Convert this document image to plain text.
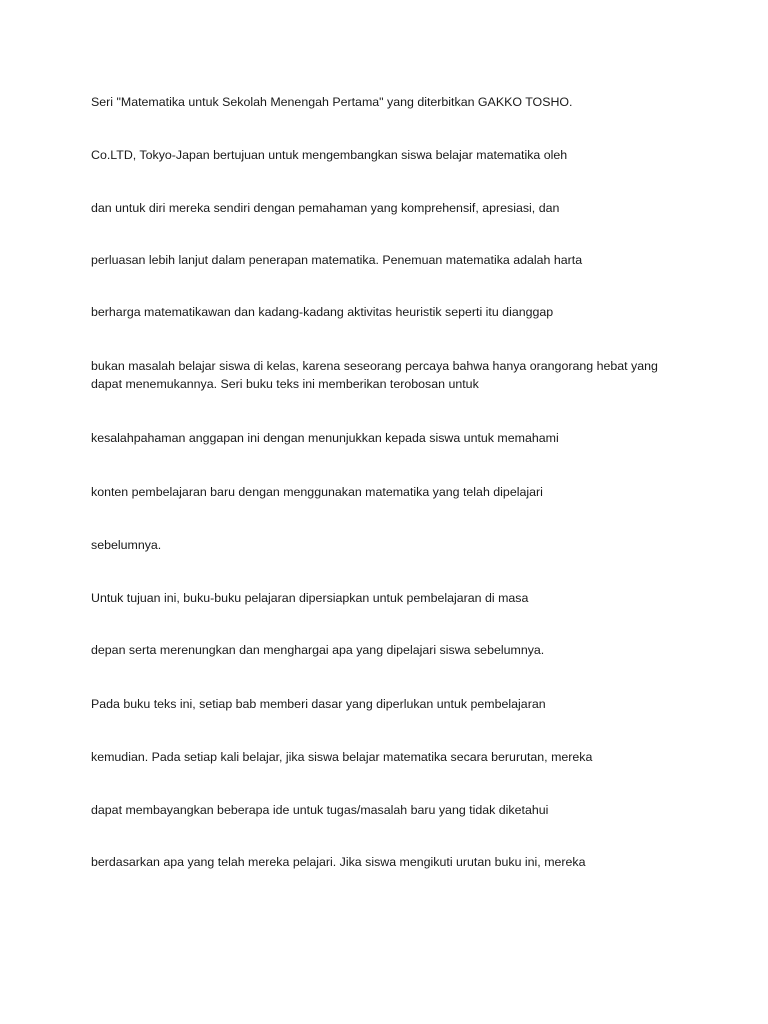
Seri "Matematika untuk Sekolah Menengah Pertama" yang diterbitkan GAKKO TOSHO.

Co.LTD, Tokyo-Japan bertujuan untuk mengembangkan siswa belajar matematika oleh

dan untuk diri mereka sendiri dengan pemahaman yang komprehensif, apresiasi, dan

perluasan lebih lanjut dalam penerapan matematika. Penemuan matematika adalah harta

berharga matematikawan dan kadang-kadang aktivitas heuristik seperti itu dianggap

bukan masalah belajar siswa di kelas, karena seseorang percaya bahwa hanya orangorang hebat yang dapat menemukannya. Seri buku teks ini memberikan terobosan untuk

kesalahpahaman anggapan ini dengan menunjukkan kepada siswa untuk memahami

konten pembelajaran baru dengan menggunakan matematika yang telah dipelajari

sebelumnya.

Untuk tujuan ini, buku-buku pelajaran dipersiapkan untuk pembelajaran di masa

depan serta merenungkan dan menghargai apa yang dipelajari siswa sebelumnya.

Pada buku teks ini, setiap bab memberi dasar yang diperlukan untuk pembelajaran

kemudian. Pada setiap kali belajar, jika siswa belajar matematika secara berurutan, mereka

dapat membayangkan beberapa ide untuk tugas/masalah baru yang tidak diketahui

berdasarkan apa yang telah mereka pelajari. Jika siswa mengikuti urutan buku ini, mereka
